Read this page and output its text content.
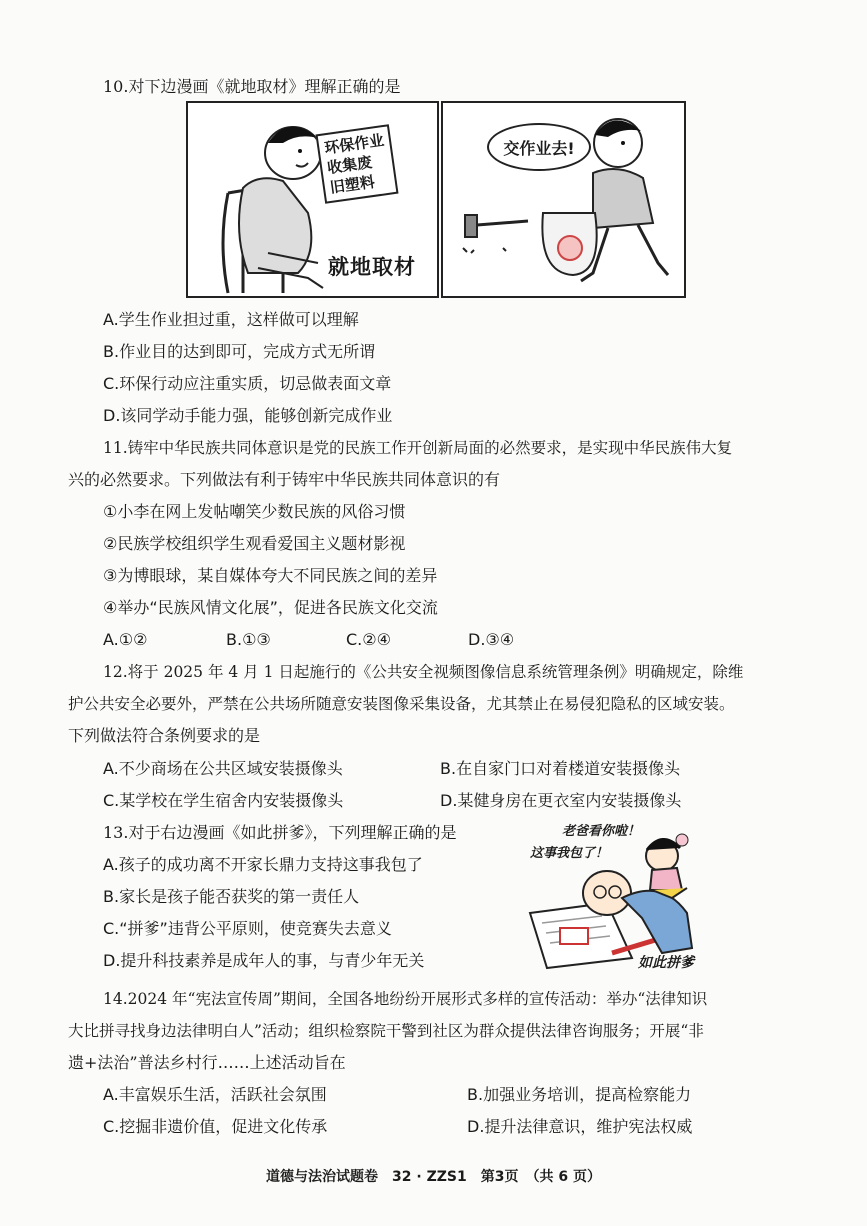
10.对下边漫画《就地取材》理解正确的是
环保作业
收集废
旧塑料
就地取材
交作业去!
A.学生作业担过重，这样做可以理解
B.作业目的达到即可，完成方式无所谓
C.环保行动应注重实质，切忌做表面文章
D.该同学动手能力强，能够创新完成作业
11.铸牢中华民族共同体意识是党的民族工作开创新局面的必然要求，是实现中华民族伟大复
兴的必然要求。下列做法有利于铸牢中华民族共同体意识的有
①小李在网上发帖嘲笑少数民族的风俗习惯
②民族学校组织学生观看爱国主义题材影视
③为博眼球，某自媒体夸大不同民族之间的差异
④举办“民族风情文化展”，促进各民族文化交流
A.①②	B.①③	C.②④	D.③④
12.将于 2025 年 4 月 1 日起施行的《公共安全视频图像信息系统管理条例》明确规定，除维
护公共安全必要外，严禁在公共场所随意安装图像采集设备，尤其禁止在易侵犯隐私的区域安装。
下列做法符合条例要求的是
A.不少商场在公共区域安装摄像头	B.在自家门口对着楼道安装摄像头
C.某学校在学生宿舍内安装摄像头	D.某健身房在更衣室内安装摄像头
13.对于右边漫画《如此拼爹》，下列理解正确的是
A.孩子的成功离不开家长鼎力支持这事我包了
B.家长是孩子能否获奖的第一责任人
C.“拼爹”违背公平原则，使竞赛失去意义
D.提升科技素养是成年人的事，与青少年无关
老爸看你啦！
这事我包了！
如此拼爹
14.2024 年“宪法宣传周”期间，全国各地纷纷开展形式多样的宣传活动：举办“法律知识
大比拼寻找身边法律明白人”活动；组织检察院干警到社区为群众提供法律咨询服务；开展“非
遗+法治”普法乡村行……上述活动旨在
A.丰富娱乐生活，活跃社会氛围	B.加强业务培训，提高检察能力
C.挖掘非遗价值，促进文化传承	D.提升法律意识，维护宪法权威
道德与法治试题卷　32 · ZZS1　第3页　（共 6 页）
